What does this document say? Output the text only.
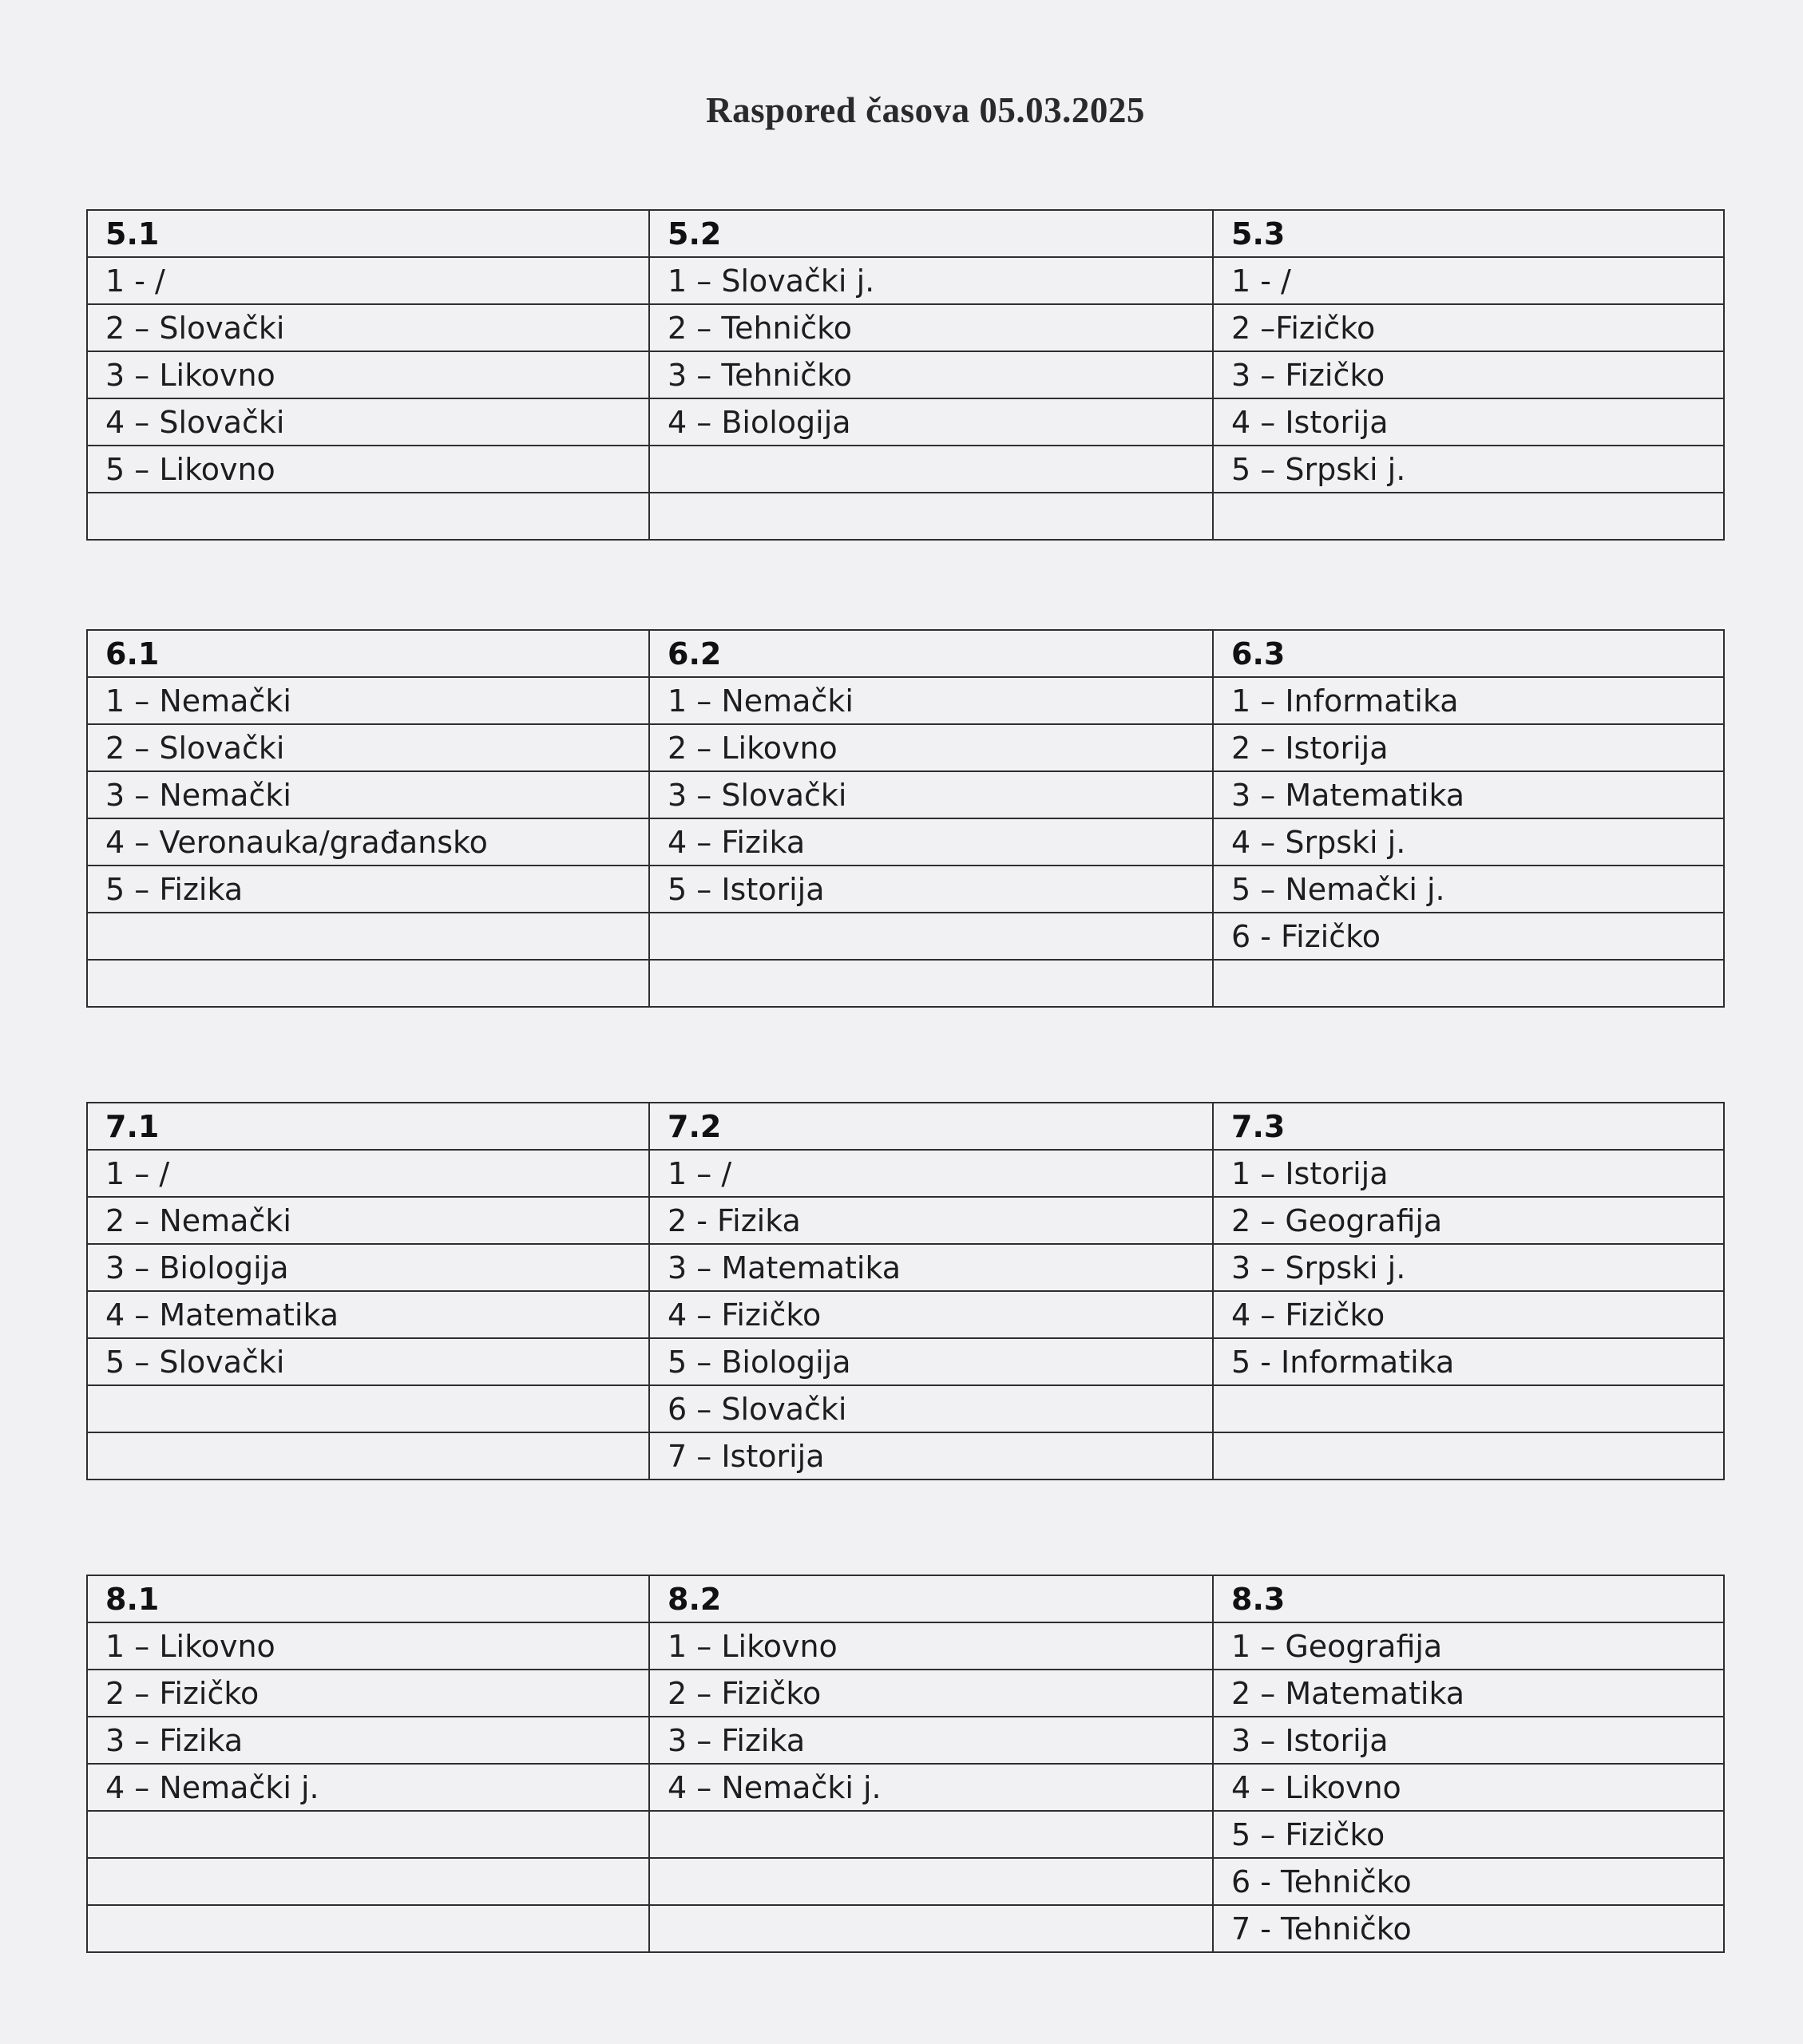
Raspored časova 05.03.2025
5.1	5.2	5.3
1 - /	1 – Slovački j.	1 - /
2 – Slovački	2 – Tehničko	2 –Fizičko
3 – Likovno	3 – Tehničko	3 – Fizičko
4 – Slovački	4 – Biologija	4 – Istorija
5 – Likovno		5 – Srpski j.

6.1	6.2	6.3
1 – Nemački	1 – Nemački	1 – Informatika
2 – Slovački	2 – Likovno	2 – Istorija
3 – Nemački	3 – Slovački	3 – Matematika
4 – Veronauka/građansko	4 – Fizika	4 – Srpski j.
5 – Fizika	5 – Istorija	5 – Nemački j.
		6 - Fizičko

7.1	7.2	7.3
1 – /	1 – /	1 – Istorija
2 – Nemački	2 - Fizika	2 – Geografija
3 – Biologija	3 – Matematika	3 – Srpski j.
4 – Matematika	4 – Fizičko	4 – Fizičko
5 – Slovački	5 – Biologija	5 - Informatika
	6 – Slovački	
	7 – Istorija	
8.1	8.2	8.3
1 – Likovno	1 – Likovno	1 – Geografija
2 – Fizičko	2 – Fizičko	2 – Matematika
3 – Fizika	3 – Fizika	3 – Istorija
4 – Nemački j.	4 – Nemački j.	4 – Likovno
		5 – Fizičko
		6 - Tehničko
		7 - Tehničko
